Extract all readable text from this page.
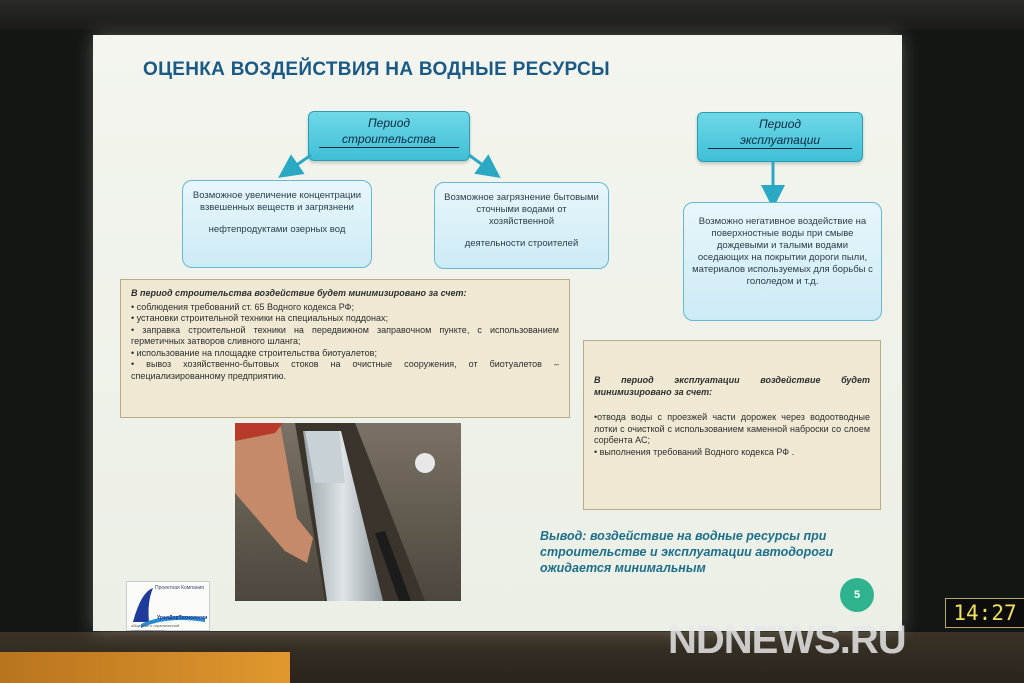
ОЦЕНКА ВОЗДЕЙСТВИЯ НА ВОДНЫЕ РЕСУРСЫ
Период

строительства
Период

эксплуатации

Возможное увеличение концентрации взвешенных веществ и загрязнени

нефтепродуктами озерных вод

Возможное загрязнение бытовыми сточными водами от хозяйственной

деятельности строителей

Возможно негативное воздействие на поверхностные воды при смыве дождевыми и талыми водами оседающих на покрытии дороги пыли, материалов используемых для борьбы с гололедом и т.д.

В период строительства воздействие будет минимизировано за счет:

• соблюдения требований ст. 65 Водного кодекса РФ;

• установки строительной техники на специальных поддонах;

• заправка строительной техники на передвижном заправочном пункте, с использованием герметичных затворов сливного шланга;

• использование на площадке строительства биотуалетов;

• вывоз хозяйственно-бытовых стоков на очистные сооружения, от биотуалетов – специализированному предприятию.	В период эксплуатации воздействие будет минимизировано за счет:

•отвода воды с проезжей части дорожек через водоотводные лотки с очисткой с использованием каменной наброски со слоем сорбента АС;

• выполнения требований Водного кодекса РФ .

Вывод: воздействие на водные ресурсы при строительстве и эксплуатации автодороги ожидается минимальным
5
Проектная Компания
УралДорТехнологии
общество с ограниченной ответственностью
14:27
NDNEWS.RU
